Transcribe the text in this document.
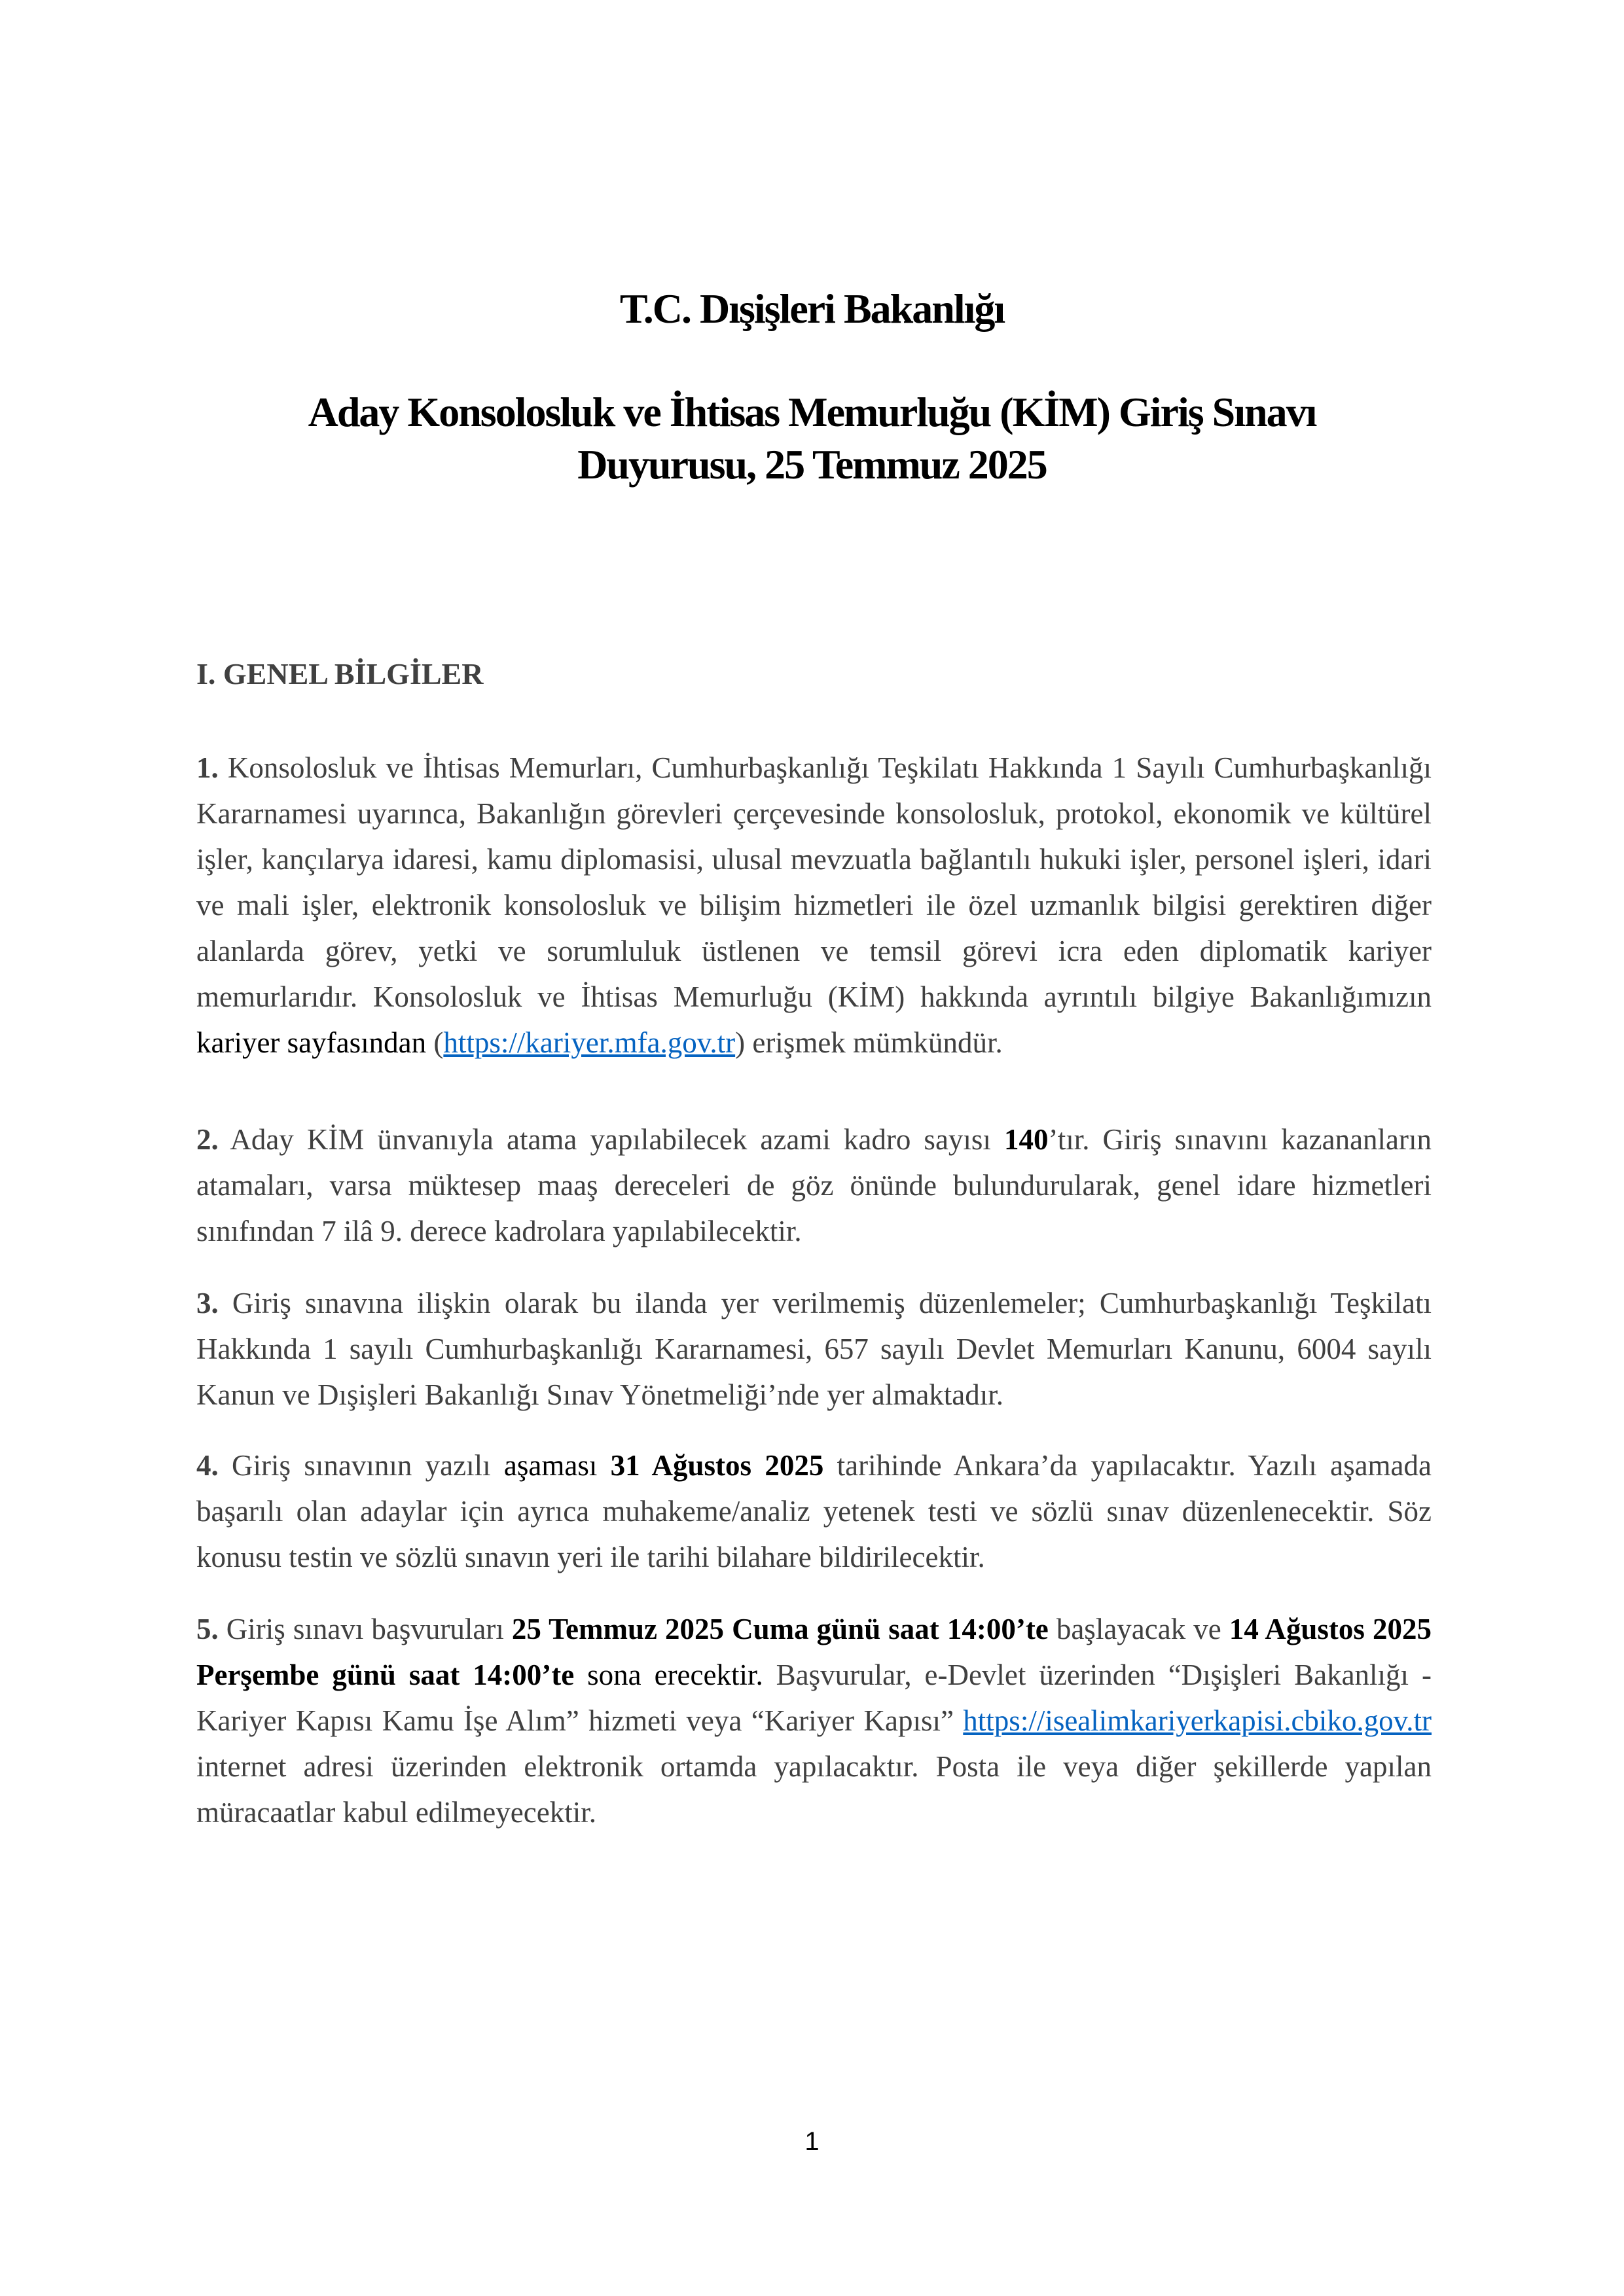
T.C. Dışişleri Bakanlığı
Aday Konsolosluk ve İhtisas Memurluğu (KİM) Giriş Sınavı
Duyurusu, 25 Temmuz 2025
I. GENEL BİLGİLER

1. Konsolosluk ve İhtisas Memurları, Cumhurbaşkanlığı Teşkilatı Hakkında 1 Sayılı Cumhurbaşkanlığı Kararnamesi uyarınca, Bakanlığın görevleri çerçevesinde konsolosluk, protokol, ekonomik ve kültürel işler, kançılarya idaresi, kamu diplomasisi, ulusal mevzuatla bağlantılı hukuki işler, personel işleri, idari ve mali işler, elektronik konsolosluk ve bilişim hizmetleri ile özel uzmanlık bilgisi gerektiren diğer alanlarda görev, yetki ve sorumluluk üstlenen ve temsil görevi icra eden diplomatik kariyer memurlarıdır. Konsolosluk ve İhtisas Memurluğu (KİM) hakkında ayrıntılı bilgiye Bakanlığımızın kariyer sayfasından (https://kariyer.mfa.gov.tr) erişmek mümkündür.

2. Aday KİM ünvanıyla atama yapılabilecek azami kadro sayısı 140’tır. Giriş sınavını kazananların atamaları, varsa müktesep maaş dereceleri de göz önünde bulundurularak, genel idare hizmetleri sınıfından 7 ilâ 9. derece kadrolara yapılabilecektir.

3. Giriş sınavına ilişkin olarak bu ilanda yer verilmemiş düzenlemeler; Cumhurbaşkanlığı Teşkilatı Hakkında 1 sayılı Cumhurbaşkanlığı Kararnamesi, 657 sayılı Devlet Memurları Kanunu, 6004 sayılı Kanun ve Dışişleri Bakanlığı Sınav Yönetmeliği’nde yer almaktadır.

4. Giriş sınavının yazılı aşaması 31 Ağustos 2025 tarihinde Ankara’da yapılacaktır. Yazılı aşamada başarılı olan adaylar için ayrıca muhakeme/analiz yetenek testi ve sözlü sınav düzenlenecektir. Söz konusu testin ve sözlü sınavın yeri ile tarihi bilahare bildirilecektir.

5. Giriş sınavı başvuruları 25 Temmuz 2025 Cuma günü saat 14:00’te başlayacak ve 14 Ağustos 2025 Perşembe günü saat 14:00’te sona erecektir. Başvurular, e-Devlet üzerinden “Dışişleri Bakanlığı - Kariyer Kapısı Kamu İşe Alım” hizmeti veya “Kariyer Kapısı” https://isealimkariyerkapisi.cbiko.gov.tr internet adresi üzerinden elektronik ortamda yapılacaktır. Posta ile veya diğer şekillerde yapılan müracaatlar kabul edilmeyecektir.

1
